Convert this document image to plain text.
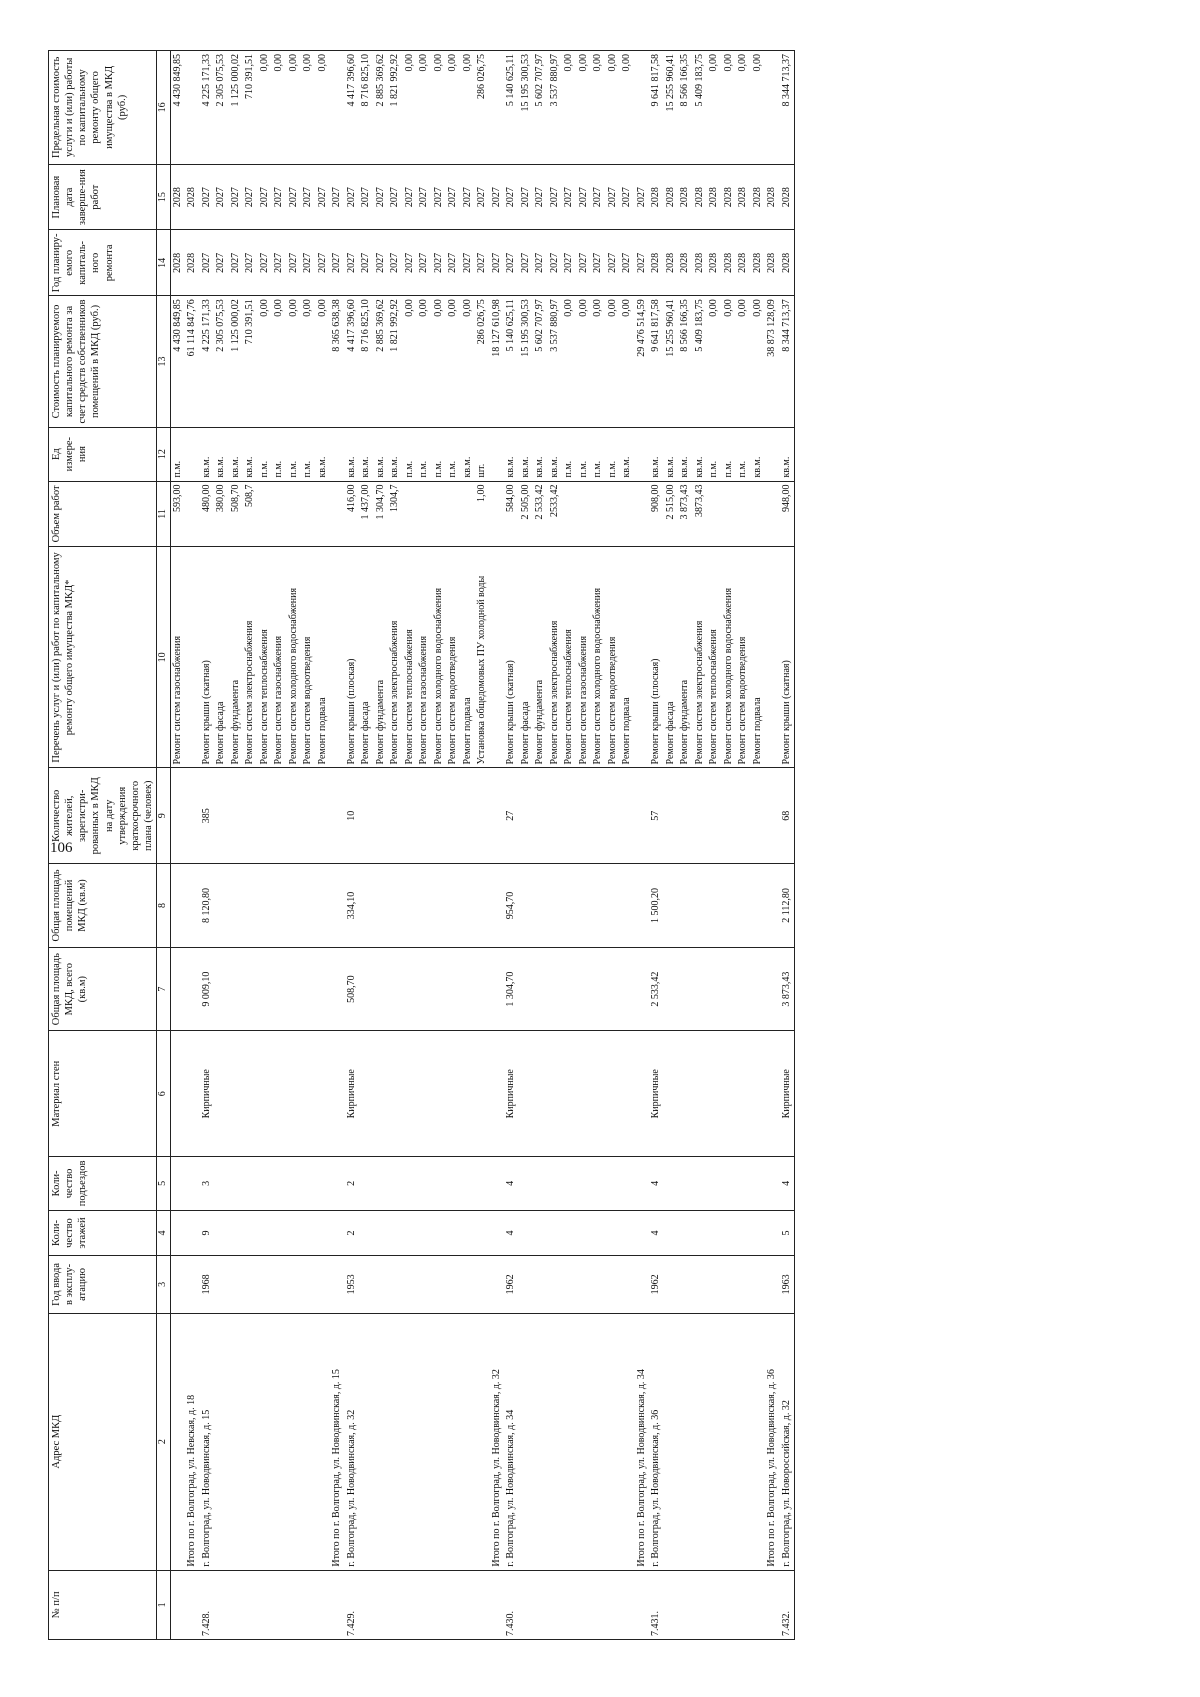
106
№ п/п	Адрес МКД	Год ввода в эксплу-атацию	Коли-чество этажей	Коли-чество подъездов	Материал стен	Общая площадь МКД, всего (кв.м)	Общая площадь помещений МКД (кв.м)	Количество жителей, зарегистри-рованных в МКД на дату утверждения краткосрочного плана (человек)	Перечень услуг и (или) работ по капитальному ремонту общего имущества МКД*	Объем работ	Ед измере-ния	Стоимость планируемого капитального ремонта за счет средств собственников помещений в МКД (руб.)	Год планиру-емого капиталь-ного ремонта	Плановая дата заверше-ния работ	Предельная стоимость услуги и (или) работы по капитальному ремонту общего имущества в МКД (руб.)
1	2	3	4	5	6	7	8	9	10	11	12	13	14	15	16
									Ремонт систем газоснабжения	593,00	п.м.	4 430 849,85	2028	2028	4 430 849,85
	Итого по г. Волгоград, ул. Невская, д. 18											61 114 847,76	2028	2028	
7.428.	г. Волгоград, ул. Новодвинская, д. 15	1968	9	3	Кирпичные	9 009,10	8 120,80	385	Ремонт крыши (скатная)	480,00	кв.м.	4 225 171,33	2027	2027	4 225 171,33
									Ремонт фасада	380,00	кв.м.	2 305 075,53	2027	2027	2 305 075,53
									Ремонт фундамента	508,70	кв.м.	1 125 000,02	2027	2027	1 125 000,02
									Ремонт систем электроснабжения	508,7	кв.м.	710 391,51	2027	2027	710 391,51
									Ремонт систем теплоснабжения		п.м.	0,00	2027	2027	0,00
									Ремонт систем газоснабжения		п.м.	0,00	2027	2027	0,00
									Ремонт систем холодного водоснабжения		п.м.	0,00	2027	2027	0,00
									Ремонт систем водоотведения		п.м.	0,00	2027	2027	0,00
									Ремонт подвала		кв.м.	0,00	2027	2027	0,00
	Итого по г. Волгоград, ул. Новодвинская, д. 15											8 365 638,38	2027	2027	
7.429.	г. Волгоград, ул. Новодвинская, д. 32	1953	2	2	Кирпичные	508,70	334,10	10	Ремонт крыши (плоская)	416,00	кв.м.	4 417 396,60	2027	2027	4 417 396,60
									Ремонт фасада	1 437,00	кв.м.	8 716 825,10	2027	2027	8 716 825,10
									Ремонт фундамента	1 304,70	кв.м.	2 885 369,62	2027	2027	2 885 369,62
									Ремонт систем электроснабжения	1304,7	кв.м.	1 821 992,92	2027	2027	1 821 992,92
									Ремонт систем теплоснабжения		п.м.	0,00	2027	2027	0,00
									Ремонт систем газоснабжения		п.м.	0,00	2027	2027	0,00
									Ремонт систем холодного водоснабжения		п.м.	0,00	2027	2027	0,00
									Ремонт систем водоотведения		п.м.	0,00	2027	2027	0,00
									Ремонт подвала		кв.м.	0,00	2027	2027	0,00
									Установка общедомовых ПУ холодной воды	1,00	шт.	286 026,75	2027	2027	286 026,75
	Итого по г. Волгоград, ул. Новодвинская, д. 32											18 127 610,98	2027	2027	
7.430.	г. Волгоград, ул. Новодвинская, д. 34	1962	4	4	Кирпичные	1 304,70	954,70	27	Ремонт крыши (скатная)	584,00	кв.м.	5 140 625,11	2027	2027	5 140 625,11
									Ремонт фасада	2 505,00	кв.м.	15 195 300,53	2027	2027	15 195 300,53
									Ремонт фундамента	2 533,42	кв.м.	5 602 707,97	2027	2027	5 602 707,97
									Ремонт систем электроснабжения	2533,42	кв.м.	3 537 880,97	2027	2027	3 537 880,97
									Ремонт систем теплоснабжения		п.м.	0,00	2027	2027	0,00
									Ремонт систем газоснабжения		п.м.	0,00	2027	2027	0,00
									Ремонт систем холодного водоснабжения		п.м.	0,00	2027	2027	0,00
									Ремонт систем водоотведения		п.м.	0,00	2027	2027	0,00
									Ремонт подвала		кв.м.	0,00	2027	2027	0,00
	Итого по г. Волгоград, ул. Новодвинская, д. 34											29 476 514,59	2027	2027	
7.431.	г. Волгоград, ул. Новодвинская, д. 36	1962	4	4	Кирпичные	2 533,42	1 500,20	57	Ремонт крыши (плоская)	908,00	кв.м.	9 641 817,58	2028	2028	9 641 817,58
									Ремонт фасада	2 515,00	кв.м.	15 255 960,41	2028	2028	15 255 960,41
									Ремонт фундамента	3 873,43	кв.м.	8 566 166,35	2028	2028	8 566 166,35
									Ремонт систем электроснабжения	3873,43	кв.м.	5 409 183,75	2028	2028	5 409 183,75
									Ремонт систем теплоснабжения		п.м.	0,00	2028	2028	0,00
									Ремонт систем холодного водоснабжения		п.м.	0,00	2028	2028	0,00
									Ремонт систем водоотведения		п.м.	0,00	2028	2028	0,00
									Ремонт подвала		кв.м.	0,00	2028	2028	0,00
	Итого по г. Волгоград, ул. Новодвинская, д. 36											38 873 128,09	2028	2028	
7.432.	г. Волгоград, ул. Новороссийская, д. 32	1963	5	4	Кирпичные	3 873,43	2 112,80	68	Ремонт крыши (скатная)	948,00	кв.м.	8 344 713,37	2028	2028	8 344 713,37
